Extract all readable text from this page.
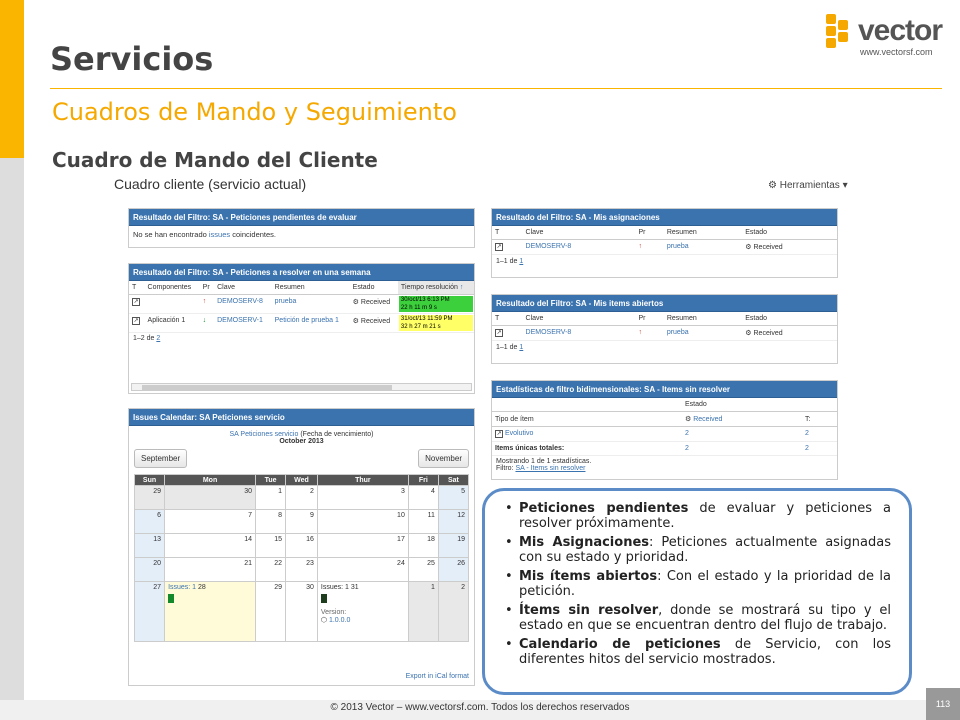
Servicios
Cuadros de Mando y Seguimiento
Cuadro de Mando del Cliente
vector
www.vectorsf.com
Cuadro cliente (servicio actual)	⚙ Herramientas ▾
Resultado del Filtro: SA - Peticiones pendientes de evaluar
No se han encontrado issues coincidentes.
Resultado del Filtro: SA - Peticiones a resolver en una semana
T	Componentes	Pr	Clave	Resumen	Estado	Tiempo resolución ↑
↗		↑	DEMOSERV-8	prueba	⚙ Received	30/oct/13 6:13 PM
22 h 11 m 9 s

↗	Aplicación 1	↓	DEMOSERV-1	Petición de prueba 1	⚙ Received	31/oct/13 11:59 PM
32 h 27 m 21 s
1–2 de 2
Resultado del Filtro: SA - Mis asignaciones
T	Clave	Pr	Resumen	Estado
↗	DEMOSERV-8	↑	prueba	⚙ Received
1–1 de 1
Resultado del Filtro: SA - Mis items abiertos
T	Clave	Pr	Resumen	Estado
↗	DEMOSERV-8	↑	prueba	⚙ Received
1–1 de 1
Estadísticas de filtro bidimensionales: SA - Items sin resolver
	Estado	
Tipo de ítem	⚙ Received	T:
↗ Evolutivo	2	2
Items únicas totales:	2	2
Mostrando 1 de 1 estadísticas.
Filtro: SA - Items sin resolver
Issues Calendar: SA Peticiones servicio
SA Peticiones servicio (Fecha de vencimiento)
October 2013
September	November
Sun	Mon	Tue	Wed	Thur	Fri	Sat
29	30	1	2	3	4	5
6	7	8	9	10	11	12
13	14	15	16	17	18	19
20	21	22	23	24	25	26
27	Issues: 1 28	29	30	Issues: 1 31
Version:
⬡ 1.0.0.0	1	2
Export in iCal format
• Peticiones pendientes de evaluar y peticiones a resolver próximamente.
• Mis Asignaciones: Peticiones actualmente asignadas con su estado y prioridad.
• Mis ítems abiertos: Con el estado y la prioridad de la petición.
• Ítems sin resolver, donde se mostrará su tipo y el estado en que se encuentran dentro del flujo de trabajo.
• Calendario de peticiones de Servicio, con los diferentes hitos del servicio mostrados.
© 2013 Vector – www.vectorsf.com. Todos los derechos reservados	113
